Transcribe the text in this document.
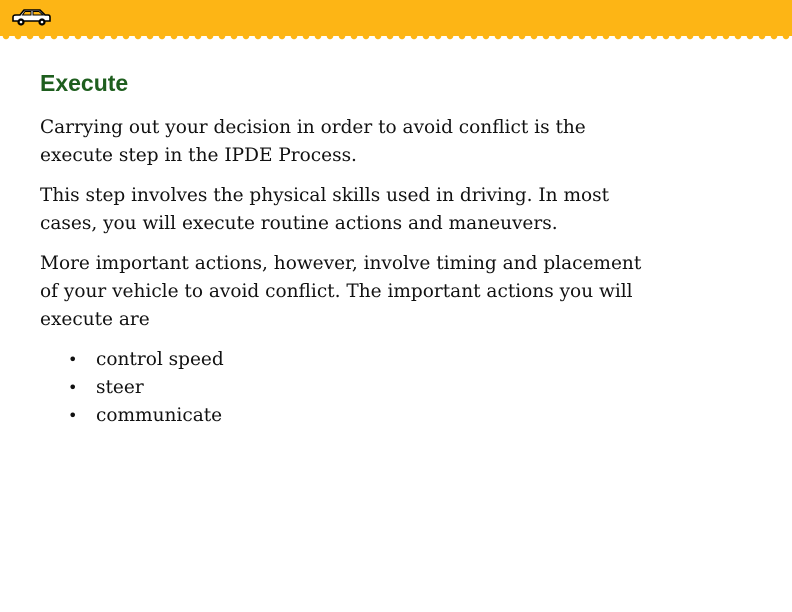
Execute

Carrying out your decision in order to avoid conflict is the execute step in the IPDE Process.

This step involves the physical skills used in driving. In most cases, you will execute routine actions and maneuvers.

More important actions, however, involve timing and placement of your vehicle to avoid conflict. The important actions you will execute are

• control speed
• steer
• communicate
